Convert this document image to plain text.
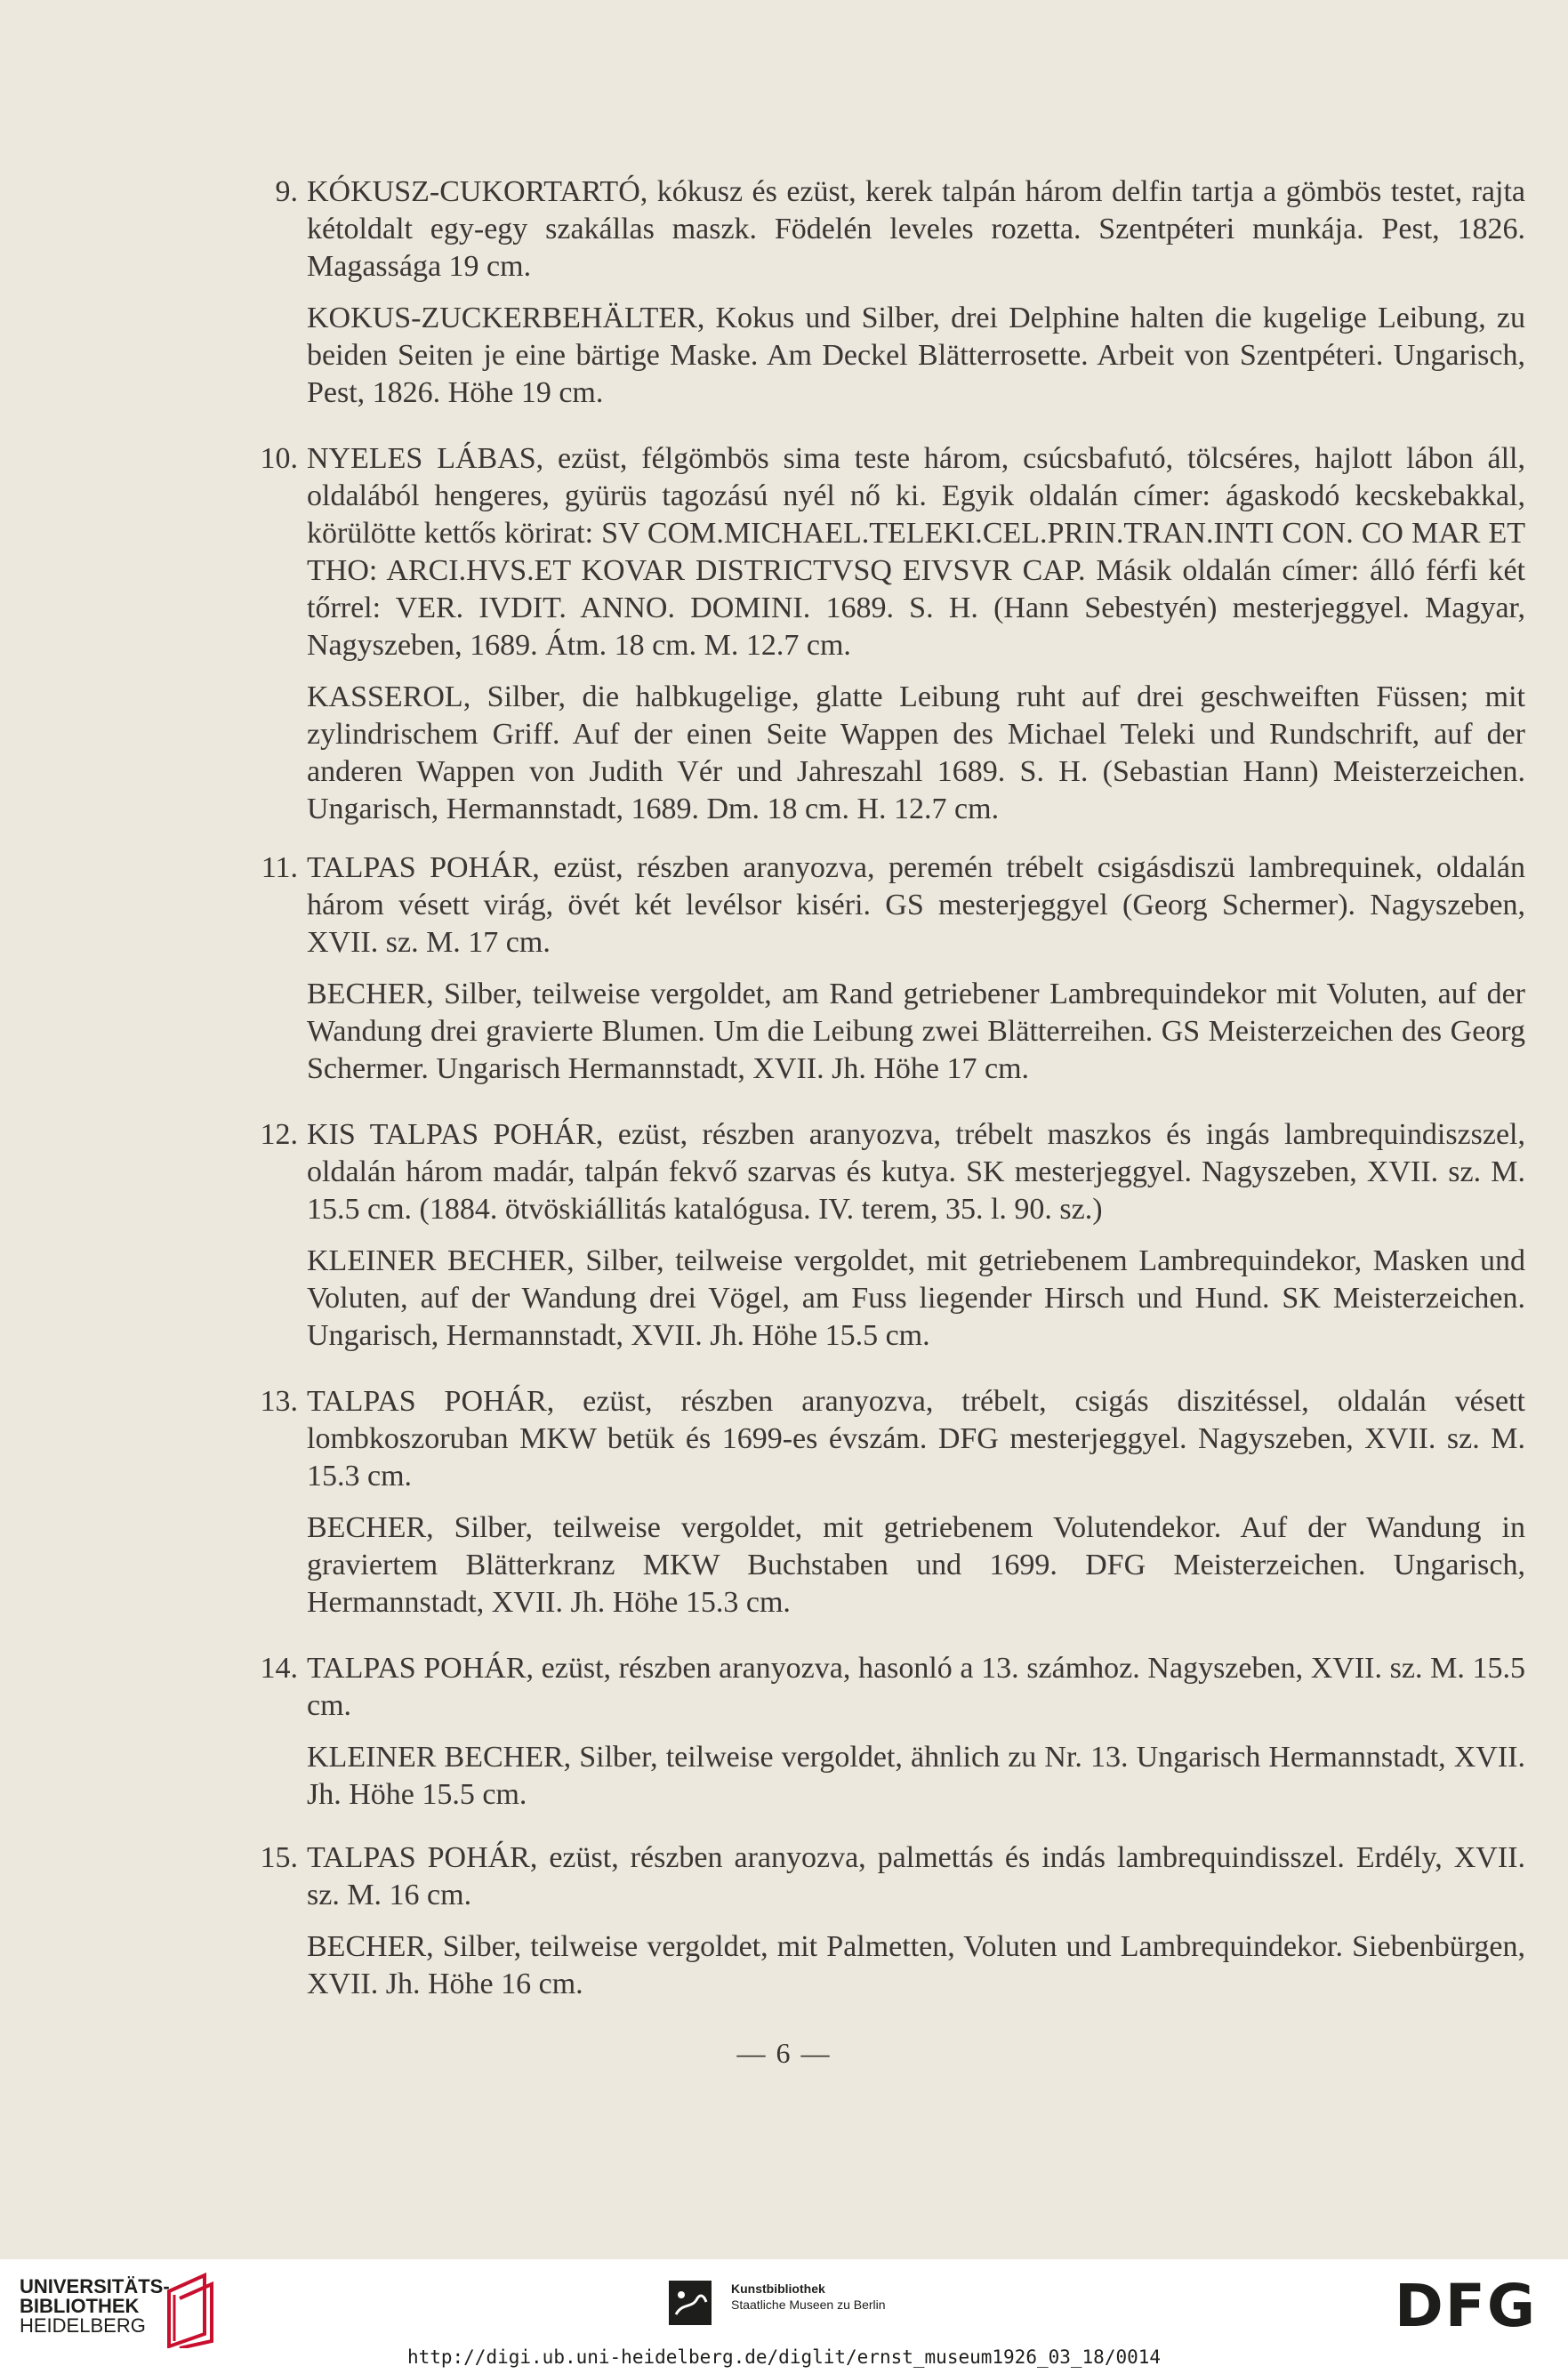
9. KÓKUSZ-CUKORTARTÓ, kókusz és ezüst, kerek talpán három delfin tartja a gömbös testet, rajta kétoldalt egy-egy szakállas maszk. Födelén leveles rozetta. Szentpéteri munkája. Pest, 1826. Magassága 19 cm.

KOKUS-ZUCKERBEHÄLTER, Kokus und Silber, drei Delphine halten die kugelige Leibung, zu beiden Seiten je eine bärtige Maske. Am Deckel Blätterrosette. Arbeit von Szentpéteri. Ungarisch, Pest, 1826. Höhe 19 cm.

10. NYELES LÁBAS, ezüst, félgömbös sima teste három, csúcsbafutó, tölcséres, hajlott lábon áll, oldalából hengeres, gyürüs tagozású nyél nő ki. Egyik oldalán címer: ágaskodó kecskebakkal, körülötte kettős körirat: SV COM.MICHAEL.TELEKI.CEL.PRIN.TRAN.INTI CON. CO MAR ET THO: ARCI.HVS.ET KOVAR DISTRICTVSQ EIVSVR CAP. Másik oldalán címer: álló férfi két tőrrel: VER. IVDIT. ANNO. DOMINI. 1689. S. H. (Hann Sebestyén) mesterjeggyel. Magyar, Nagyszeben, 1689. Átm. 18 cm. M. 12.7 cm.

KASSEROL, Silber, die halbkugelige, glatte Leibung ruht auf drei geschweiften Füssen; mit zylindrischem Griff. Auf der einen Seite Wappen des Michael Teleki und Rundschrift, auf der anderen Wappen von Judith Vér und Jahreszahl 1689. S. H. (Sebastian Hann) Meisterzeichen. Ungarisch, Hermannstadt, 1689. Dm. 18 cm. H. 12.7 cm.

11. TALPAS POHÁR, ezüst, részben aranyozva, peremén trébelt csigásdiszü lambrequinek, oldalán három vésett virág, övét két levélsor kiséri. GS mesterjeggyel (Georg Schermer). Nagyszeben, XVII. sz. M. 17 cm.

BECHER, Silber, teilweise vergoldet, am Rand getriebener Lambrequindekor mit Voluten, auf der Wandung drei gravierte Blumen. Um die Leibung zwei Blätterreihen. GS Meisterzeichen des Georg Schermer. Ungarisch Hermannstadt, XVII. Jh. Höhe 17 cm.

12. KIS TALPAS POHÁR, ezüst, részben aranyozva, trébelt maszkos és ingás lambrequindiszszel, oldalán három madár, talpán fekvő szarvas és kutya. SK mesterjeggyel. Nagyszeben, XVII. sz. M. 15.5 cm. (1884. ötvöskiállitás katalógusa. IV. terem, 35. l. 90. sz.)

KLEINER BECHER, Silber, teilweise vergoldet, mit getriebenem Lambrequindekor, Masken und Voluten, auf der Wandung drei Vögel, am Fuss liegender Hirsch und Hund. SK Meisterzeichen. Ungarisch, Hermannstadt, XVII. Jh. Höhe 15.5 cm.

13. TALPAS POHÁR, ezüst, részben aranyozva, trébelt, csigás diszitéssel, oldalán vésett lombkoszoruban MKW betük és 1699-es évszám. DFG mesterjeggyel. Nagyszeben, XVII. sz. M. 15.3 cm.

BECHER, Silber, teilweise vergoldet, mit getriebenem Volutendekor. Auf der Wandung in graviertem Blätterkranz MKW Buchstaben und 1699. DFG Meisterzeichen. Ungarisch, Hermannstadt, XVII. Jh. Höhe 15.3 cm.

14. TALPAS POHÁR, ezüst, részben aranyozva, hasonló a 13. számhoz. Nagyszeben, XVII. sz. M. 15.5 cm.

KLEINER BECHER, Silber, teilweise vergoldet, ähnlich zu Nr. 13. Ungarisch Hermannstadt, XVII. Jh. Höhe 15.5 cm.

15. TALPAS POHÁR, ezüst, részben aranyozva, palmettás és indás lambrequindisszel. Erdély, XVII. sz. M. 16 cm.

BECHER, Silber, teilweise vergoldet, mit Palmetten, Voluten und Lambrequindekor. Siebenbürgen, XVII. Jh. Höhe 16 cm.

— 6 —
UNIVERSITÄTS-
BIBLIOTHEK
HEIDELBERG
Kunstbibliothek
Staatliche Museen zu Berlin	DFG
http://digi.ub.uni-heidelberg.de/diglit/ernst_museum1926_03_18/0014
